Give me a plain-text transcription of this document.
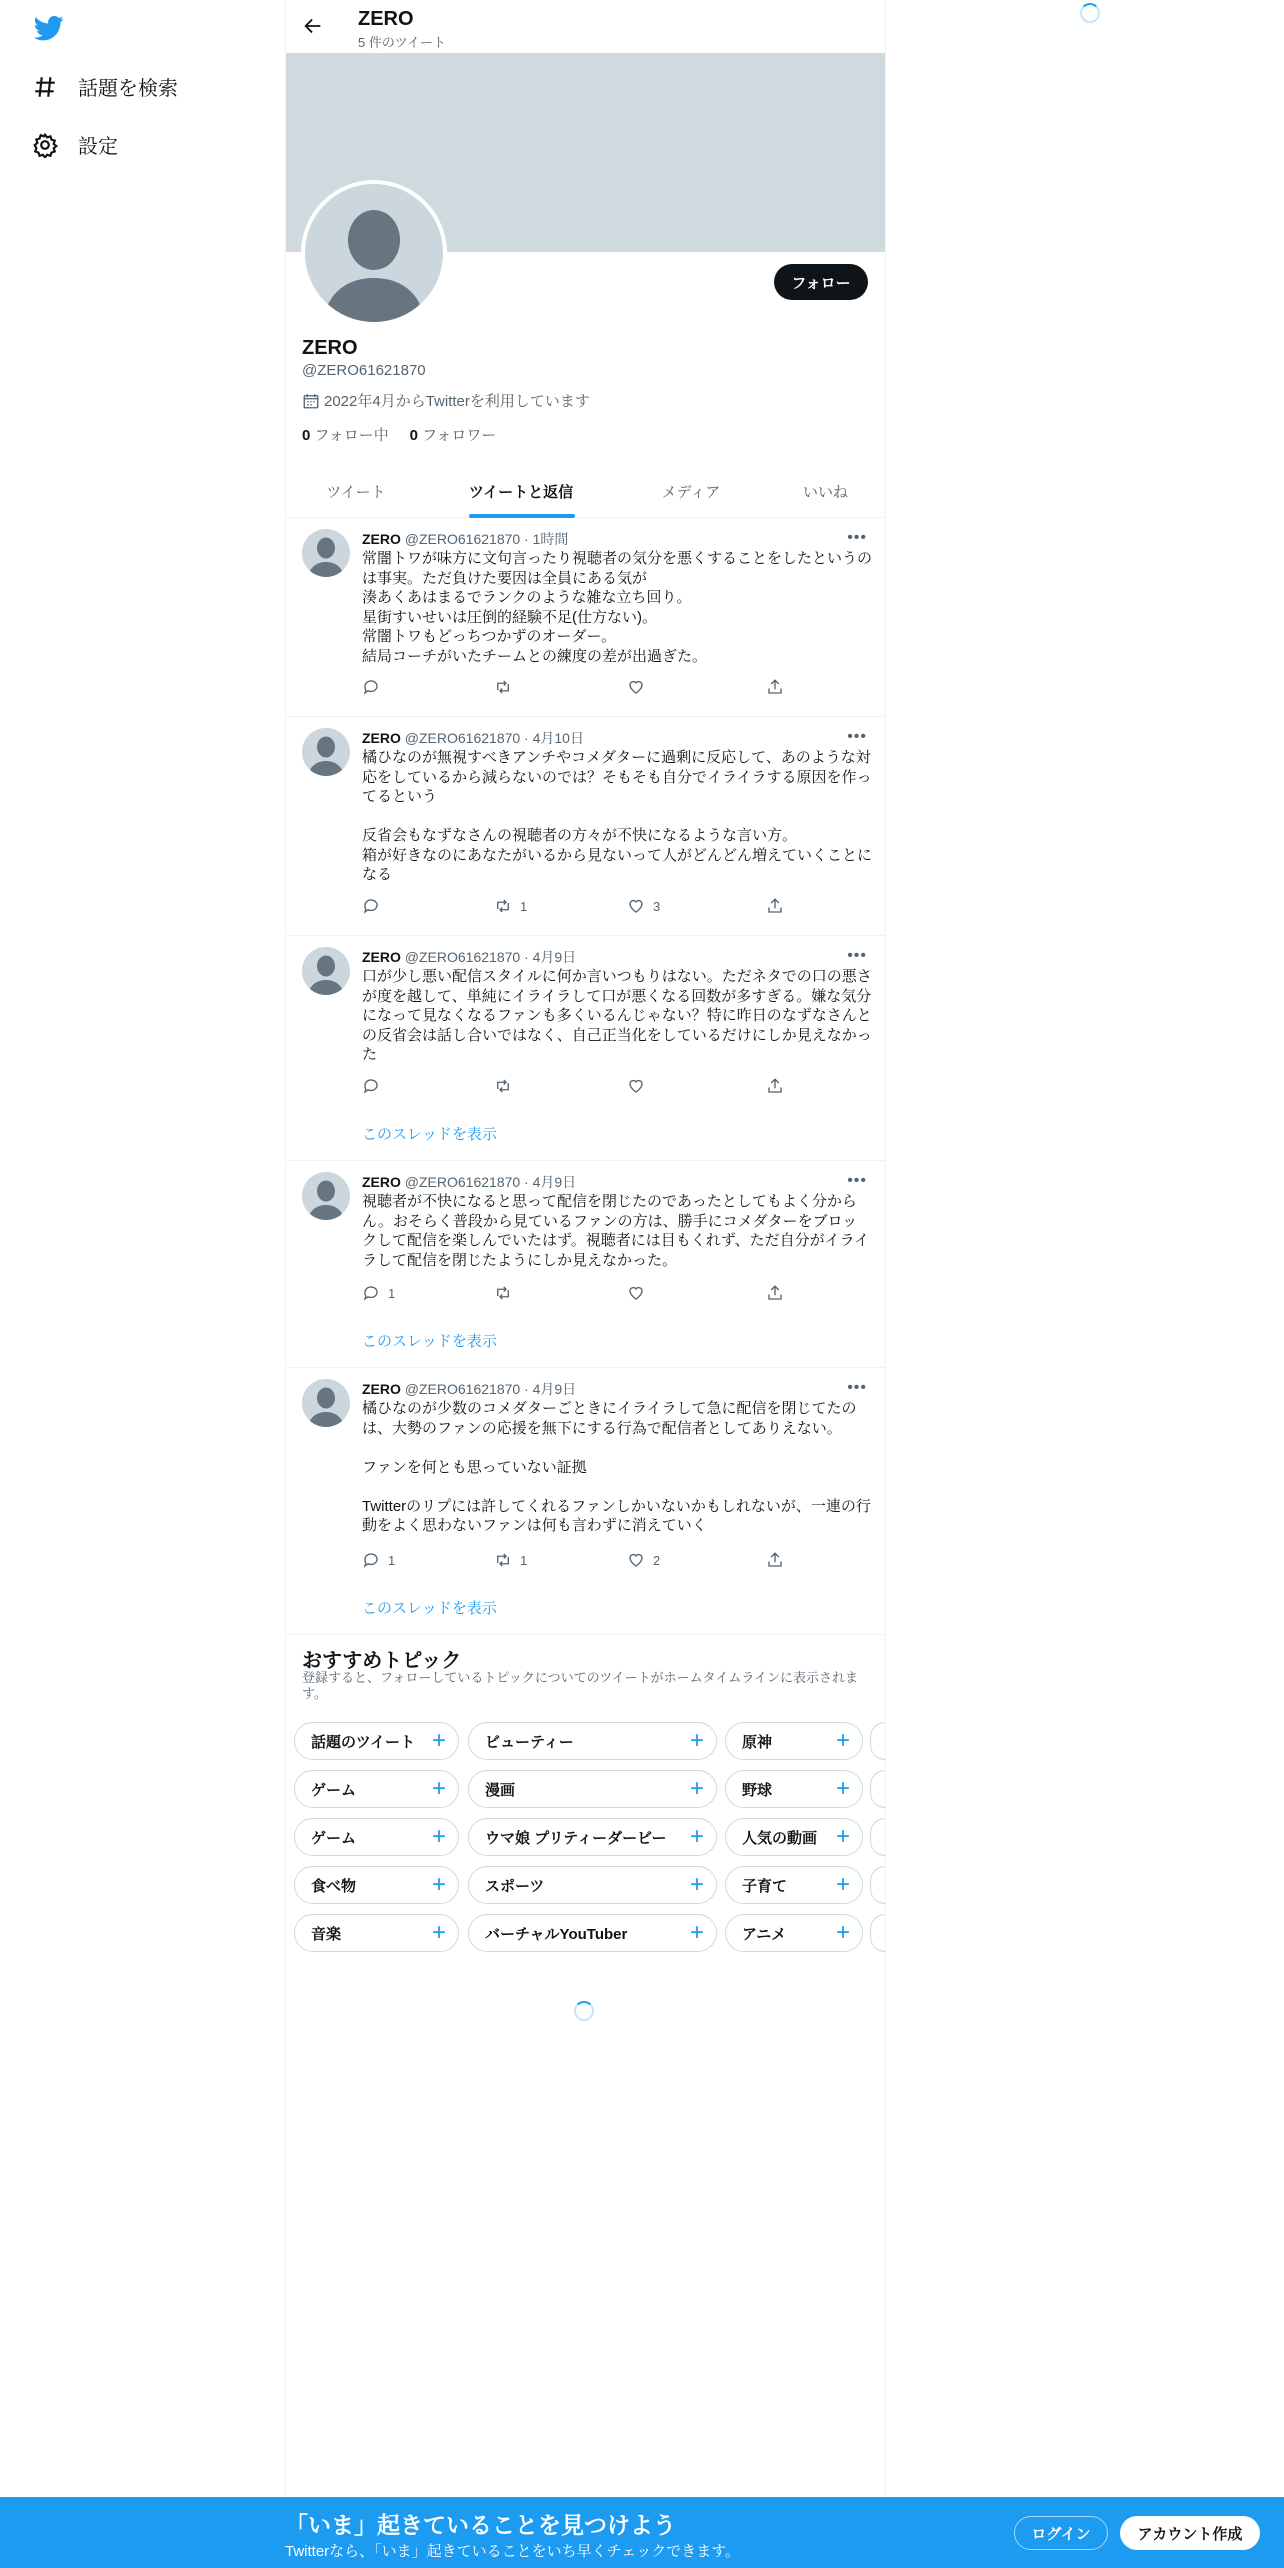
話題を検索
設定
ZERO
5 件のツイート
フォロー
ZERO
@ZERO61621870
2022年4月からTwitterを利用しています
0 フォロー中 0 フォロワー
ツイート	ツイートと返信	メディア	いいね
ZERO @ZERO61621870 · 1時間	•••
常闇トワが味方に文句言ったり視聴者の気分を悪くすることをしたというのは事実。ただ負けた要因は全員にある気が
湊あくあはまるでランクのような雑な立ち回り。
星街すいせいは圧倒的経験不足(仕方ない)。
常闇トワもどっちつかずのオーダー。
結局コーチがいたチームとの練度の差が出過ぎた。
ZERO @ZERO61621870 · 4月10日	•••
橘ひなのが無視すべきアンチやコメダターに過剰に反応して、あのような対応をしているから減らないのでは？そもそも自分でイライラする原因を作ってるという

反省会もなずなさんの視聴者の方々が不快になるような言い方。
箱が好きなのにあなたがいるから見ないって人がどんどん増えていくことになる
1	3
ZERO @ZERO61621870 · 4月9日	•••
口が少し悪い配信スタイルに何か言いつもりはない。ただネタでの口の悪さが度を越して、単純にイライラして口が悪くなる回数が多すぎる。嫌な気分になって見なくなるファンも多くいるんじゃない？特に昨日のなずなさんとの反省会は話し合いではなく、自己正当化をしているだけにしか見えなかった
このスレッドを表示
ZERO @ZERO61621870 · 4月9日	•••
視聴者が不快になると思って配信を閉じたのであったとしてもよく分からん。おそらく普段から見ているファンの方は、勝手にコメダターをブロックして配信を楽しんでいたはず。視聴者には目もくれず、ただ自分がイライラして配信を閉じたようにしか見えなかった。
1
このスレッドを表示
ZERO @ZERO61621870 · 4月9日	•••
橘ひなのが少数のコメダターごときにイライラして急に配信を閉じてたのは、大勢のファンの応援を無下にする行為で配信者としてありえない。

ファンを何とも思っていない証拠

Twitterのリプには許してくれるファンしかいないかもしれないが、一連の行動をよく思わないファンは何も言わずに消えていく
1	1	2
このスレッドを表示
おすすめトピック
登録すると、フォローしているトピックについてのツイートがホームタイムラインに表示されます。
話題のツイート +	ビューティー	+	原神	+
ゲーム	+	漫画	+	野球	+
ゲーム	+	ウマ娘 プリティーダービー +	人気の動画 +
食べ物	+	スポーツ	+	子育て	+
音楽	+	バーチャルYouTuber	+	アニメ	+
「いま」起きていることを見つけよう
Twitterなら、「いま」起きていることをいち早くチェックできます。
ログイン	アカウント作成
